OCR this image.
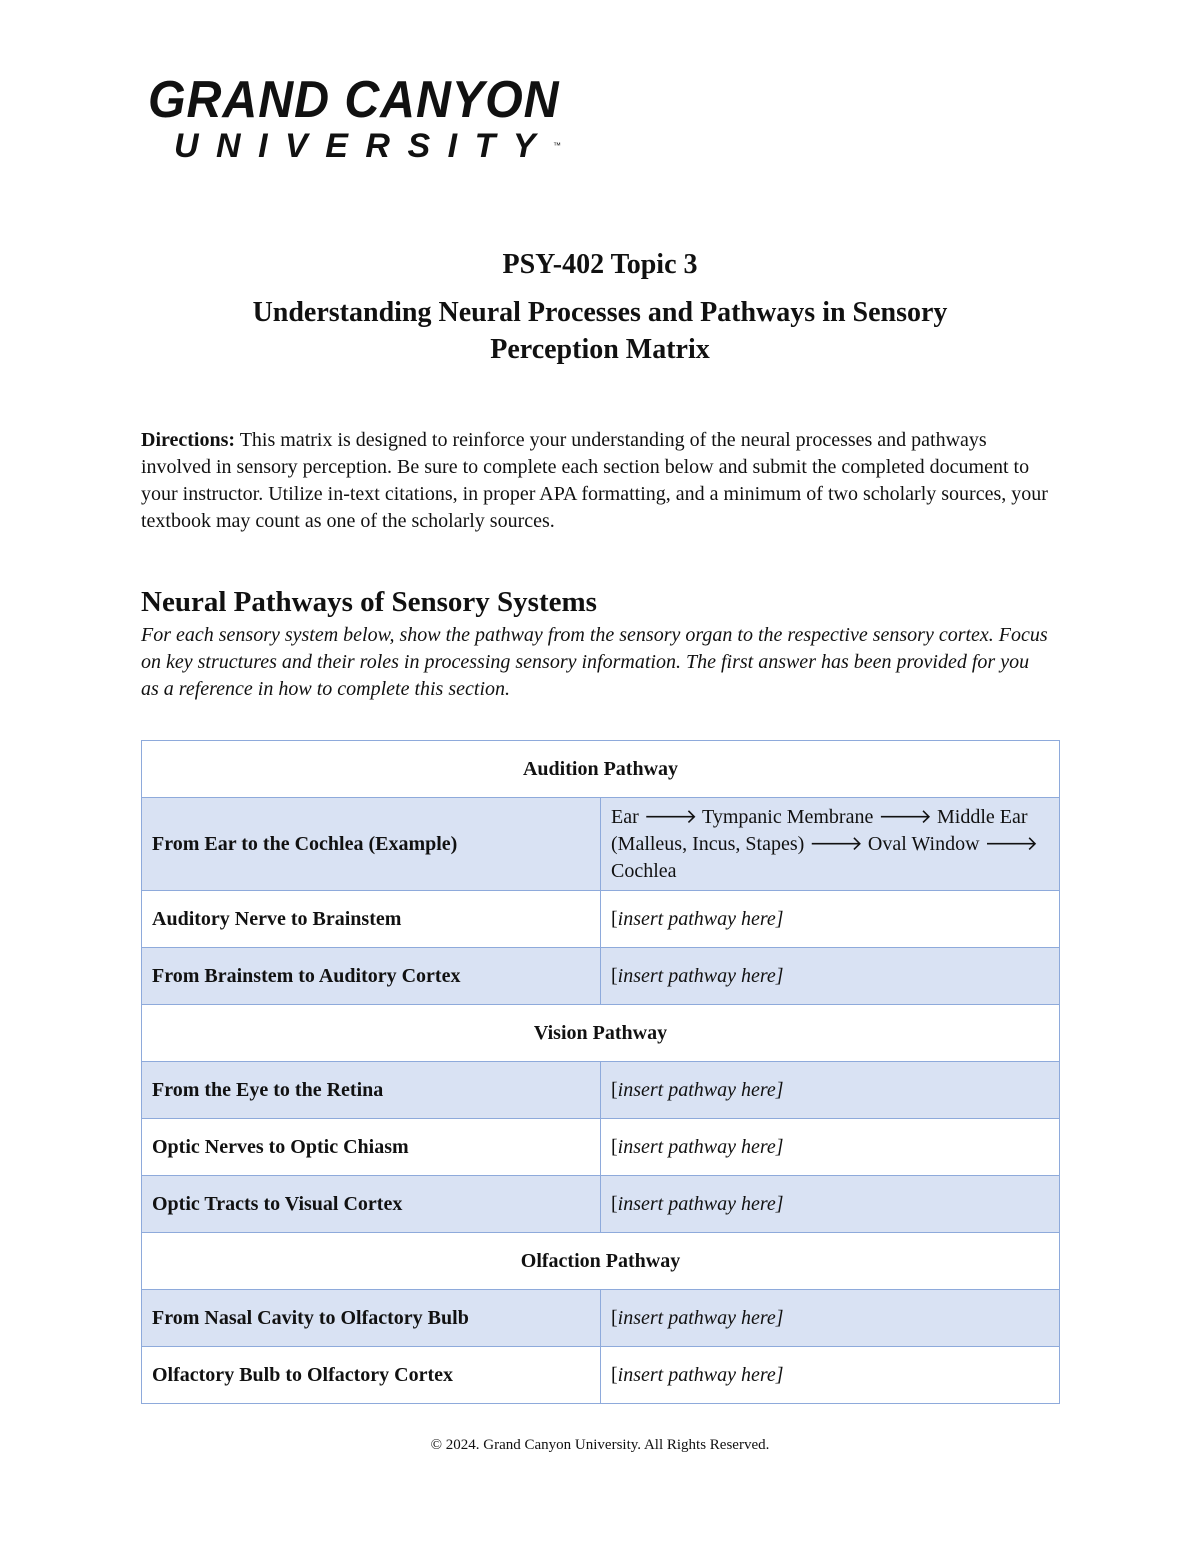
GRAND CANYON
UNIVERSITY™
PSY-402 Topic 3
Understanding Neural Processes and Pathways in Sensory Perception Matrix
Directions: This matrix is designed to reinforce your understanding of the neural processes and pathways involved in sensory perception. Be sure to complete each section below and submit the completed document to your instructor. Utilize in-text citations, in proper APA formatting, and a minimum of two scholarly sources, your textbook may count as one of the scholarly sources.
Neural Pathways of Sensory Systems
For each sensory system below, show the pathway from the sensory organ to the respective sensory cortex. Focus on key structures and their roles in processing sensory information. The first answer has been provided for you as a reference in how to complete this section.
Audition Pathway	
From Ear to the Cochlea (Example)	Ear 🡒 Tympanic Membrane 🡒 Middle Ear (Malleus, Incus, Stapes) 🡒 Oval Window 🡒 Cochlea
Auditory Nerve to Brainstem	[insert pathway here]
From Brainstem to Auditory Cortex	[insert pathway here]
Vision Pathway	
From the Eye to the Retina	[insert pathway here]
Optic Nerves to Optic Chiasm	[insert pathway here]
Optic Tracts to Visual Cortex	[insert pathway here]
Olfaction Pathway	
From Nasal Cavity to Olfactory Bulb	[insert pathway here]
Olfactory Bulb to Olfactory Cortex	[insert pathway here]
© 2024. Grand Canyon University. All Rights Reserved.
